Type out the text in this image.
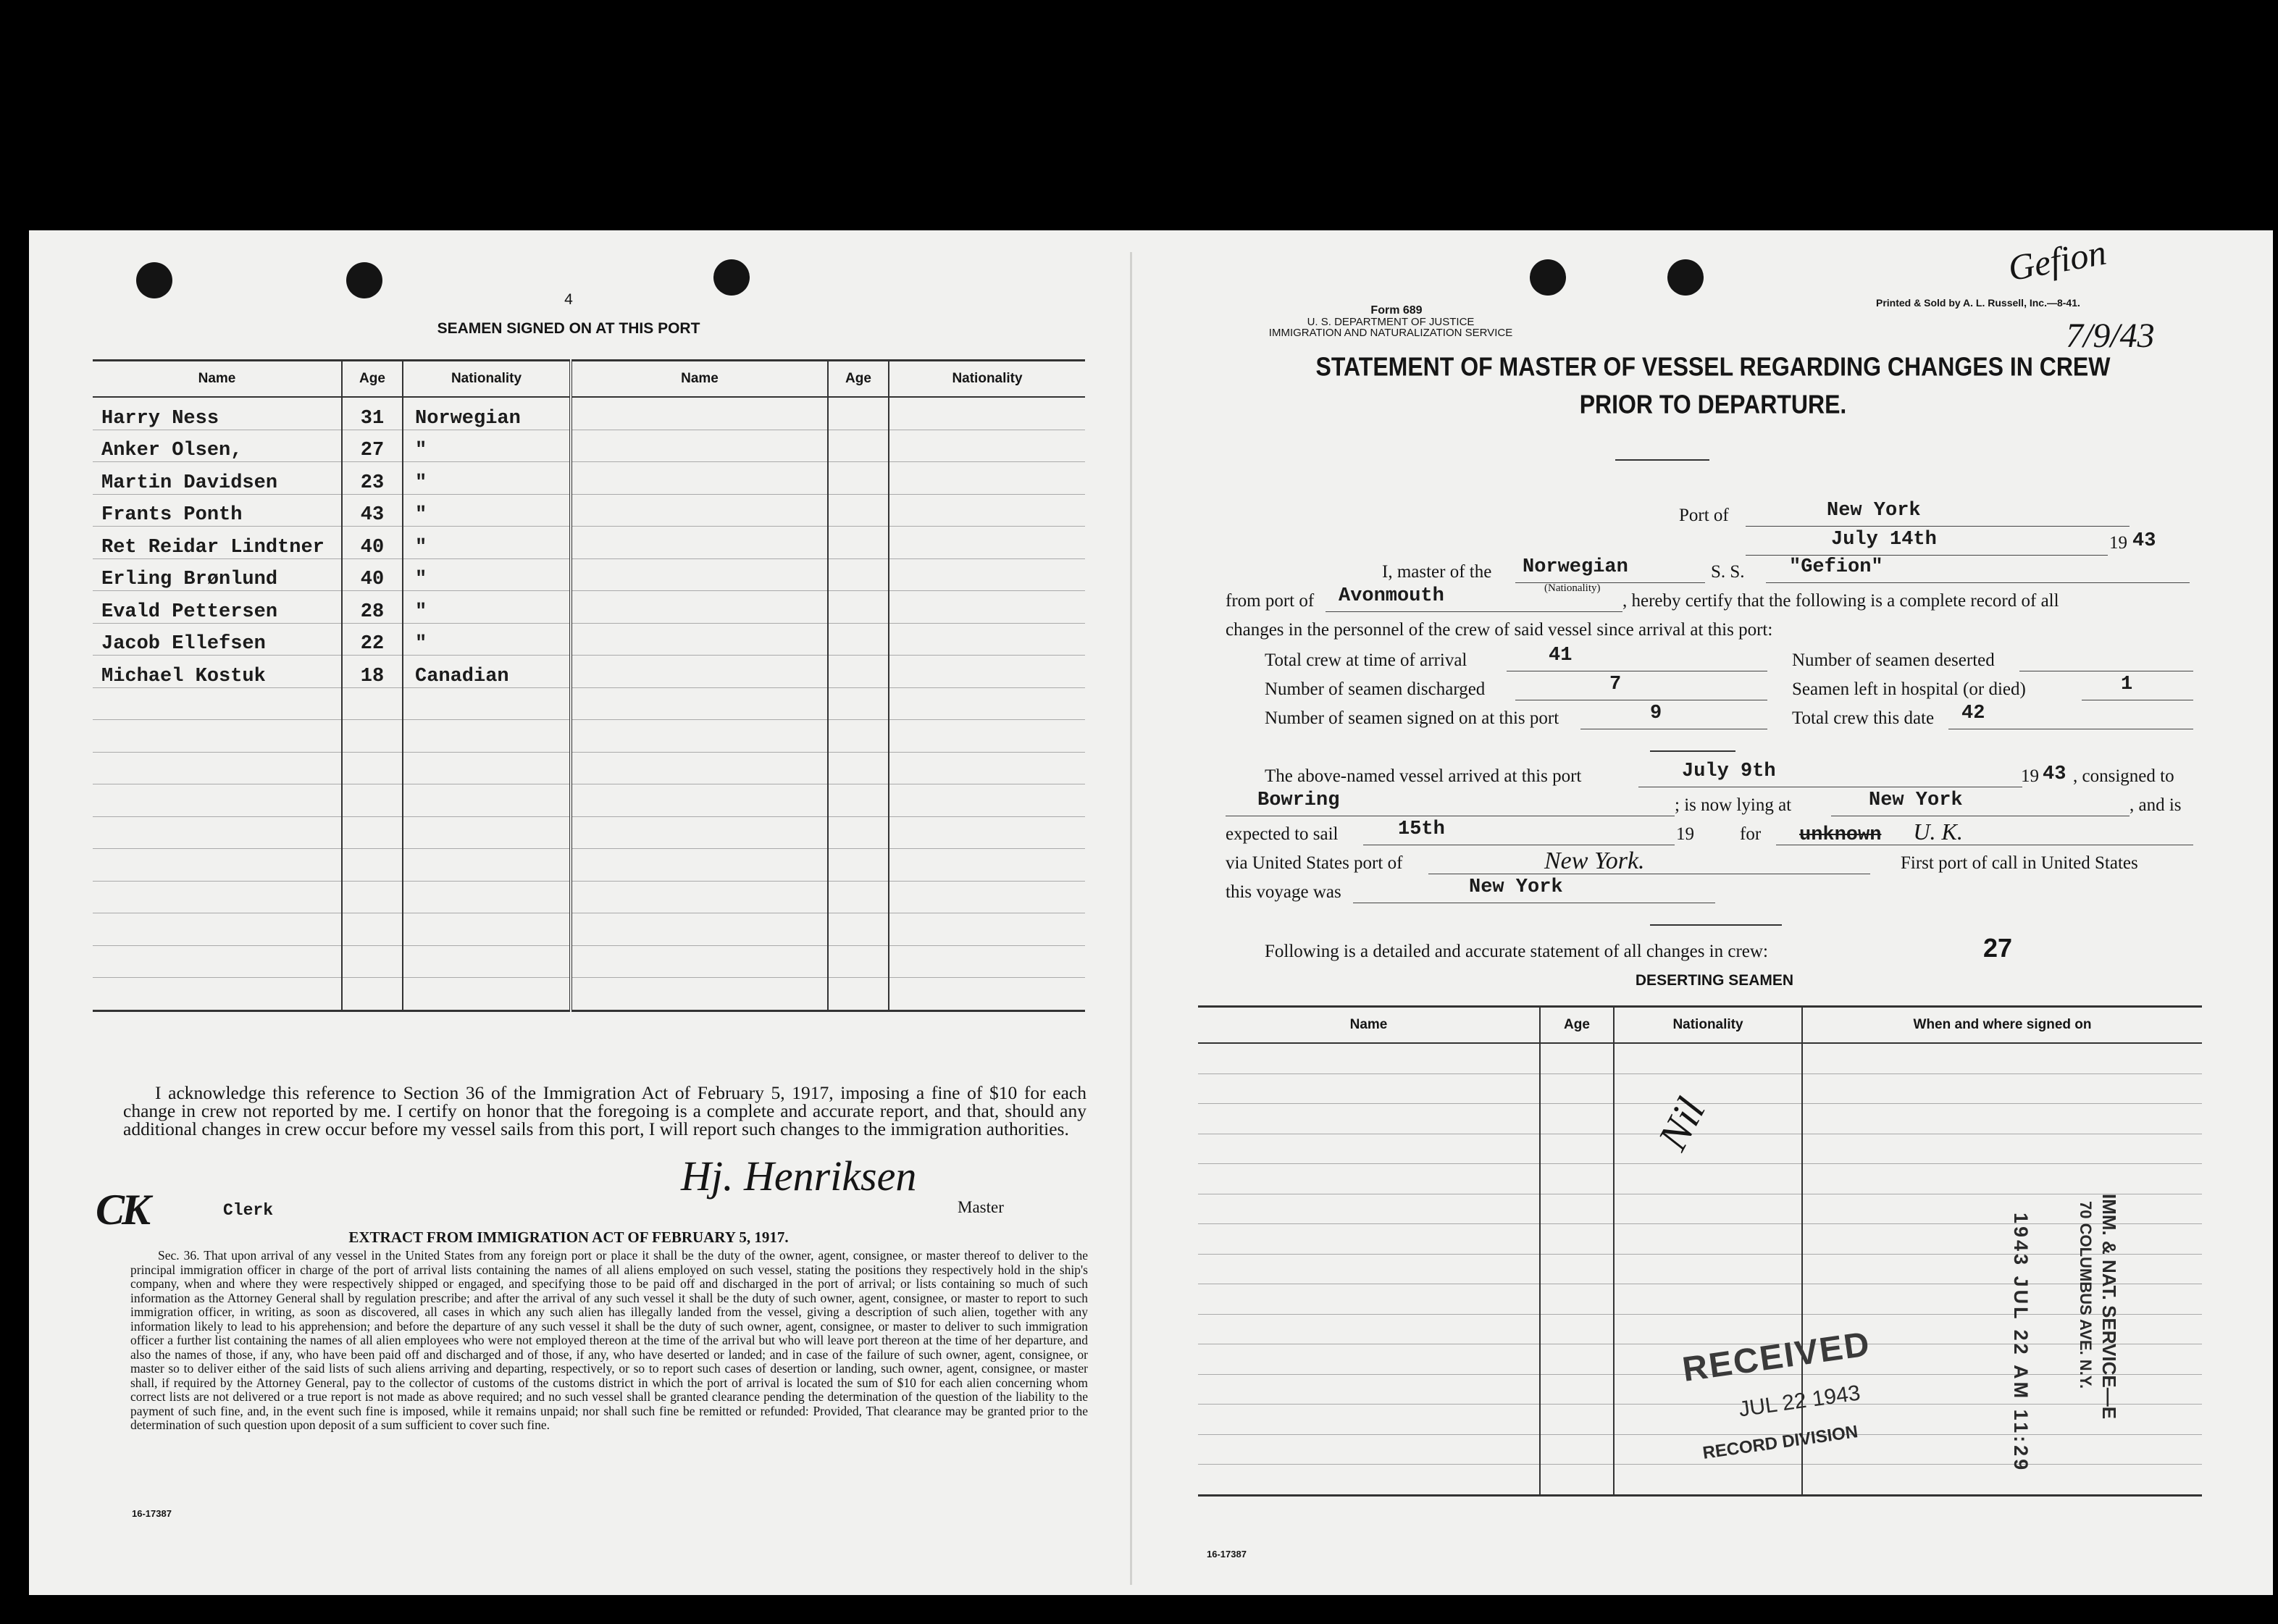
4
SEAMEN SIGNED ON AT THIS PORT
Name	Age	Nationality	Name	Age	Nationality
Harry Ness	31	Norwegian			
Anker Olsen,	27	"			
Martin Davidsen	23	"			
Frants Ponth	43	"			
Ret Reidar Lindtner	40	"			
Erling Brønlund	40	"			
Evald Pettersen	28	"			
Jacob Ellefsen	22	"			
Michael Kostuk	18	Canadian			

I acknowledge this reference to Section 36 of the Immigration Act of February 5, 1917, imposing a fine of $10 for each change in crew not reported by me. I certify on honor that the foregoing is a complete and accurate report, and that, should any additional changes in crew occur before my vessel sails from this port, I will report such changes to the immigration authorities.
CK	Clerk
Hj. Henriksen
Master
EXTRACT FROM IMMIGRATION ACT OF FEBRUARY 5, 1917.

Sec. 36. That upon arrival of any vessel in the United States from any foreign port or place it shall be the duty of the owner, agent, consignee, or master thereof to deliver to the principal immigration officer in charge of the port of arrival lists containing the names of all aliens employed on such vessel, stating the positions they respectively hold in the ship's company, when and where they were respectively shipped or engaged, and specifying those to be paid off and discharged in the port of arrival; or lists containing so much of such information as the Attorney General shall by regulation prescribe; and after the arrival of any such vessel it shall be the duty of such owner, agent, consignee, or master to report to such immigration officer, in writing, as soon as discovered, all cases in which any such alien has illegally landed from the vessel, giving a description of such alien, together with any information likely to lead to his apprehension; and before the departure of any such vessel it shall be the duty of such owner, agent, consignee, or master to deliver to such immigration officer a further list containing the names of all alien employees who were not employed thereon at the time of the arrival but who will leave port thereon at the time of her departure, and also the names of those, if any, who have been paid off and discharged and of those, if any, who have deserted or landed; and in case of the failure of such owner, agent, consignee, or master so to deliver either of the said lists of such aliens arriving and departing, respectively, or so to report such cases of desertion or landing, such owner, agent, consignee, or master shall, if required by the Attorney General, pay to the collector of customs of the customs district in which the port of arrival is located the sum of $10 for each alien concerning whom correct lists are not delivered or a true report is not made as above required; and no such vessel shall be granted clearance pending the determination of the question of the liability to the payment of such fine, and, in the event such fine is imposed, while it remains unpaid; nor shall such fine be remitted or refunded: Provided, That clearance may be granted prior to the determination of such question upon deposit of a sum sufficient to cover such fine.

16-17387
Form 689
U. S. DEPARTMENT OF JUSTICE
IMMIGRATION AND NATURALIZATION SERVICE
Printed & Sold by A. L. Russell, Inc.—8-41.
Gefion
7/9/43
STATEMENT OF MASTER OF VESSEL REGARDING CHANGES IN CREW
PRIOR TO DEPARTURE.
Port of	New York
July 14th	19 43
I, master of the	Norwegian
(Nationality)
S. S.	"Gefion"
from port of	Avonmouth	, hereby certify that the following is a complete record of all
changes in the personnel of the crew of said vessel since arrival at this port:
Total crew at time of arrival	41	Number of seamen deserted
Number of seamen discharged	7	Seamen left in hospital (or died)	1
Number of seamen signed on at this port	9	Total crew this date	42
The above-named vessel arrived at this port	July 9th	19 43 , consigned to
Bowring	; is now lying at	New York	, and is
expected to sail	15th	19	for	unknown U. K.
via United States port of	New York.	First port of call in United States
this voyage was	New York
Following is a detailed and accurate statement of all changes in crew:	27
DESERTING SEAMEN
Name	Age	Nationality	When and where signed on

Nil
RECEIVED
JUL 22 1943
RECORD DIVISION
IMM. & NAT. SERVICE—E
70 COLUMBUS AVE. N.Y.
1943 JUL 22 AM 11:29
16-17387
